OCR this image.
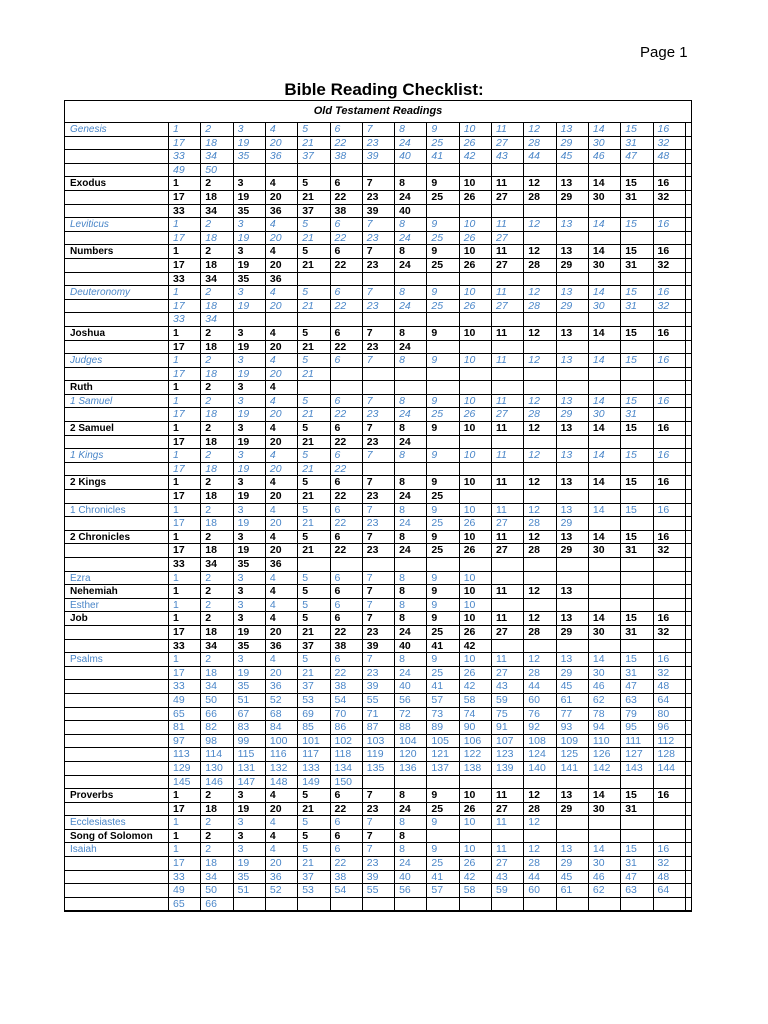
Page 1
Bible Reading Checklist:
Old Testament Readings
Genesis	1	2	3	4	5	6	7	8	9	10 11 12 13 14 15 16
17 18 19 20 21 22 23 24 25 26 27 28 29 30 31 32
33 34 35 36 37 38 39 40 41 42 43 44 45 46 47 48
49 50
Exodus	1	2	3	4	5	6	7	8	9	10 11 12 13 14 15 16
17 18 19 20 21 22 23 24 25 26 27 28 29 30 31 32
33 34 35 36 37 38 39 40
Leviticus	1	2	3	4	5	6	7	8	9	10 11 12 13 14 15 16
17 18 19 20 21 22 23 24 25 26 27
Numbers	1	2	3	4	5	6	7	8	9	10 11 12 13 14 15 16
17 18 19 20 21 22 23 24 25 26 27 28 29 30 31 32
33 34 35 36
Deuteronomy	1	2	3	4	5	6	7	8	9	10 11 12 13 14 15 16
17 18 19 20 21 22 23 24 25 26 27 28 29 30 31 32
33 34
Joshua	1	2	3	4	5	6	7	8	9	10 11 12 13 14 15 16
17 18 19 20 21 22 23 24
Judges	1	2	3	4	5	6	7	8	9	10 11 12 13 14 15 16
17 18 19 20 21
Ruth	1	2	3	4
1 Samuel	1	2	3	4	5	6	7	8	9	10 11 12 13 14 15 16
17 18 19 20 21 22 23 24 25 26 27 28 29 30 31
2 Samuel	1	2	3	4	5	6	7	8	9	10 11 12 13 14 15 16
17 18 19 20 21 22 23 24
1 Kings	1	2	3	4	5	6	7	8	9	10 11 12 13 14 15 16
17 18 19 20 21 22
2 Kings	1	2	3	4	5	6	7	8	9	10 11 12 13 14 15 16
17 18 19 20 21 22 23 24 25
1 Chronicles	1	2	3	4	5	6	7	8	9	10 11 12 13 14 15 16
17 18 19 20 21 22 23 24 25 26 27 28 29
2 Chronicles	1	2	3	4	5	6	7	8	9	10 11 12 13 14 15 16
17 18 19 20 21 22 23 24 25 26 27 28 29 30 31 32
33 34 35 36
Ezra	1	2	3	4	5	6	7	8	9	10
Nehemiah	1	2	3	4	5	6	7	8	9	10 11 12 13
Esther	1	2	3	4	5	6	7	8	9	10
Job	1	2	3	4	5	6	7	8	9	10 11 12 13 14 15 16
17 18 19 20 21 22 23 24 25 26 27 28 29 30 31 32
33 34 35 36 37 38 39 40 41 42
Psalms	1	2	3	4	5	6	7	8	9	10 11 12 13 14 15 16
17 18 19 20 21 22 23 24 25 26 27 28 29 30 31 32
33 34 35 36 37 38 39 40 41 42 43 44 45 46 47 48
49 50 51 52 53 54 55 56 57 58 59 60 61 62 63 64
65 66 67 68 69 70 71 72 73 74 75 76 77 78 79 80
81 82 83 84 85 86 87 88 89 90 91 92 93 94 95 96
97 98 99 100 101 102 103 104 105 106 107 108 109 110 111 112
113 114 115 116 117 118 119 120 121 122 123 124 125 126 127 128
129 130 131 132 133 134 135 136 137 138 139 140 141 142 143 144
145 146 147 148 149 150
Proverbs	1	2	3	4	5	6	7	8	9	10 11 12 13 14 15 16
17 18 19 20 21 22 23 24 25 26 27 28 29 30 31
Ecclesiastes	1	2	3	4	5	6	7	8	9	10 11 12
Song of Solomon 1	2	3	4	5	6	7	8
Isaiah	1	2	3	4	5	6	7	8	9	10 11 12 13 14 15 16
17 18 19 20 21 22 23 24 25 26 27 28 29 30 31 32
33 34 35 36 37 38 39 40 41 42 43 44 45 46 47 48
49 50 51 52 53 54 55 56 57 58 59 60 61 62 63 64
65 66
